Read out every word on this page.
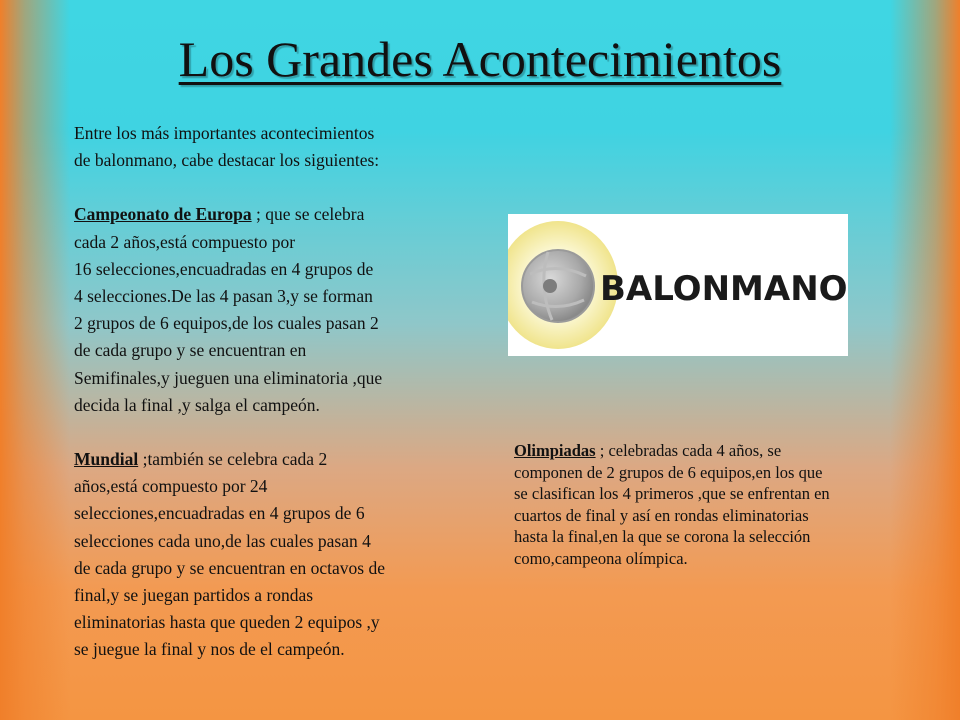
Los Grandes Acontecimientos

Entre los más importantes acontecimientos

de balonmano, cabe destacar los siguientes:

Campeonato de Europa ; que se celebra

cada 2 años,está compuesto por

16 selecciones,encuadradas en 4 grupos de

4 selecciones.De las 4 pasan 3,y se forman

2 grupos de 6 equipos,de los cuales pasan 2

de cada grupo y se encuentran en

Semifinales,y jueguen una eliminatoria ,que

decida la final ,y salga el campeón.

Mundial ;también se celebra cada 2

años,está compuesto por 24

selecciones,encuadradas en 4 grupos de 6

selecciones cada uno,de las cuales pasan 4

de cada grupo y se encuentran en octavos de

final,y se juegan partidos a rondas

eliminatorias hasta que queden 2 equipos ,y

se juegue la final y nos de el campeón.

BALONMANO

Olimpiadas ; celebradas cada 4 años, se

componen de 2 grupos de 6 equipos,en los que

se clasifican los 4 primeros ,que se enfrentan en

cuartos de final y así en rondas eliminatorias

hasta la final,en la que se corona la selección

como,campeona olímpica.
